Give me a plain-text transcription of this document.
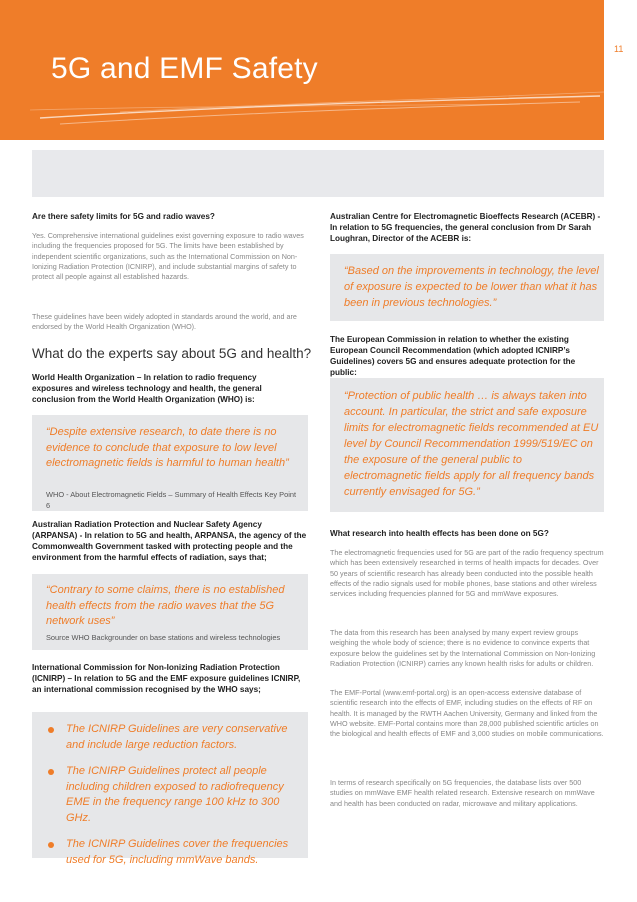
5G and EMF Safety
11
Are there safety limits for 5G and radio waves?
Yes. Comprehensive international guidelines exist governing exposure to radio waves including the frequencies proposed for 5G. The limits have been established by independent scientific organizations, such as the International Commission on Non-Ionizing Radiation Protection (ICNIRP), and include substantial margins of safety to protect all people against all established hazards.
These guidelines have been widely adopted in standards around the world, and are endorsed by the World Health Organization (WHO).
What do the experts say about 5G and health?
World Health Organization – In relation to radio frequency exposures and wireless technology and health, the general conclusion from the World Health Organization (WHO) is:
“Despite extensive research, to date there is no evidence to conclude that exposure to low level electromagnetic fields is harmful to human health”
WHO - About Electromagnetic Fields – Summary of Health Effects Key Point 6
Australian Radiation Protection and Nuclear Safety Agency (ARPANSA) - In relation to 5G and health, ARPANSA, the agency of the Commonwealth Government tasked with protecting people and the environment from the harmful effects of radiation, says that;
“Contrary to some claims, there is no established health effects from the radio waves that the 5G network uses”
Source WHO Backgrounder on base stations and wireless technologies
International Commission for Non-Ionizing Radiation Protection (ICNIRP) – In relation to 5G and the EMF exposure guidelines ICNIRP, an international commission recognised by the WHO says;
The ICNIRP Guidelines are very conservative and include large reduction factors.
The ICNIRP Guidelines protect all people including children exposed to radiofrequency EME in the frequency range 100 kHz to 300 GHz.
The ICNIRP Guidelines cover the frequencies used for 5G, including mmWave bands.
Australian Centre for Electromagnetic Bioeffects Research (ACEBR) - In relation to 5G frequencies, the general conclusion from Dr Sarah Loughran, Director of the ACEBR is:
“Based on the improvements in technology, the level of exposure is expected to be lower than what it has been in previous technologies.”
The European Commission in relation to whether the existing European Council Recommendation (which adopted ICNIRP’s Guidelines) covers 5G and ensures adequate protection for the public:
“Protection of public health … is always taken into account. In particular, the strict and safe exposure limits for electromagnetic fields recommended at EU level by Council Recommendation 1999/519/EC on the exposure of the general public to electromagnetic fields apply for all frequency bands currently envisaged for 5G.”
What research into health effects has been done on 5G?
The electromagnetic frequencies used for 5G are part of the radio frequency spectrum which has been extensively researched in terms of health impacts for decades. Over 50 years of scientific research has already been conducted into the possible health effects of the radio signals used for mobile phones, base stations and other wireless services including frequencies planned for 5G and mmWave exposures.
The data from this research has been analysed by many expert review groups weighing the whole body of science; there is no evidence to convince experts that exposure below the guidelines set by the International Commission on Non-Ionizing Radiation Protection (ICNIRP) carries any known health risks for adults or children.
The EMF-Portal (www.emf-portal.org) is an open-access extensive database of scientific research into the effects of EMF, including studies on the effects of RF on health. It is managed by the RWTH Aachen University, Germany and linked from the WHO website. EMF-Portal contains more than 28,000 published scientific articles on the biological and health effects of EMF and 3,000 studies on mobile communications.
In terms of research specifically on 5G frequencies, the database lists over 500 studies on mmWave EMF health related research. Extensive research on mmWave and health has been conducted on radar, microwave and military applications.
